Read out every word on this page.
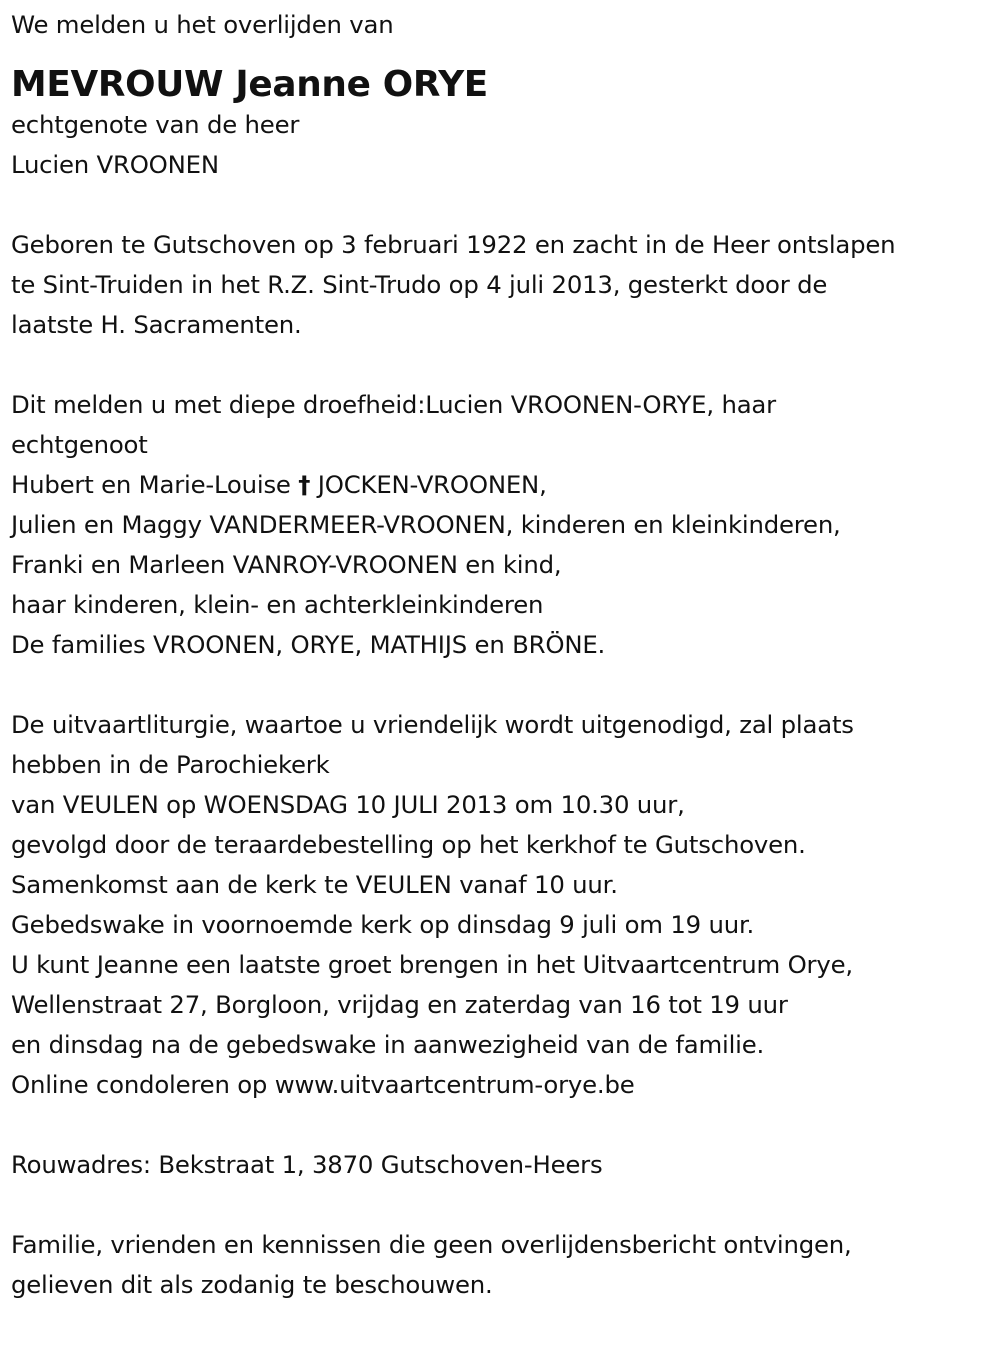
We melden u het overlijden van
MEVROUW Jeanne ORYE
echtgenote van de heer
Lucien VROONEN
Geboren te Gutschoven op 3 februari 1922 en zacht in de Heer ontslapen
te Sint-Truiden in het R.Z. Sint-Trudo op 4 juli 2013, gesterkt door de
laatste H. Sacramenten.
Dit melden u met diepe droefheid:Lucien VROONEN-ORYE, haar
echtgenoot
Hubert en Marie-Louise † JOCKEN-VROONEN,
Julien en Maggy VANDERMEER-VROONEN, kinderen en kleinkinderen,
Franki en Marleen VANROY-VROONEN en kind,
haar kinderen, klein- en achterkleinkinderen
De families VROONEN, ORYE, MATHIJS en BRÖNE.
De uitvaartliturgie, waartoe u vriendelijk wordt uitgenodigd, zal plaats
hebben in de Parochiekerk
van VEULEN op WOENSDAG 10 JULI 2013 om 10.30 uur,
gevolgd door de teraardebestelling op het kerkhof te Gutschoven.
Samenkomst aan de kerk te VEULEN vanaf 10 uur.
Gebedswake in voornoemde kerk op dinsdag 9 juli om 19 uur.
U kunt Jeanne een laatste groet brengen in het Uitvaartcentrum Orye,
Wellenstraat 27, Borgloon, vrijdag en zaterdag van 16 tot 19 uur
en dinsdag na de gebedswake in aanwezigheid van de familie.
Online condoleren op www.uitvaartcentrum-orye.be
Rouwadres: Bekstraat 1, 3870 Gutschoven-Heers
Familie, vrienden en kennissen die geen overlijdensbericht ontvingen,
gelieven dit als zodanig te beschouwen.
